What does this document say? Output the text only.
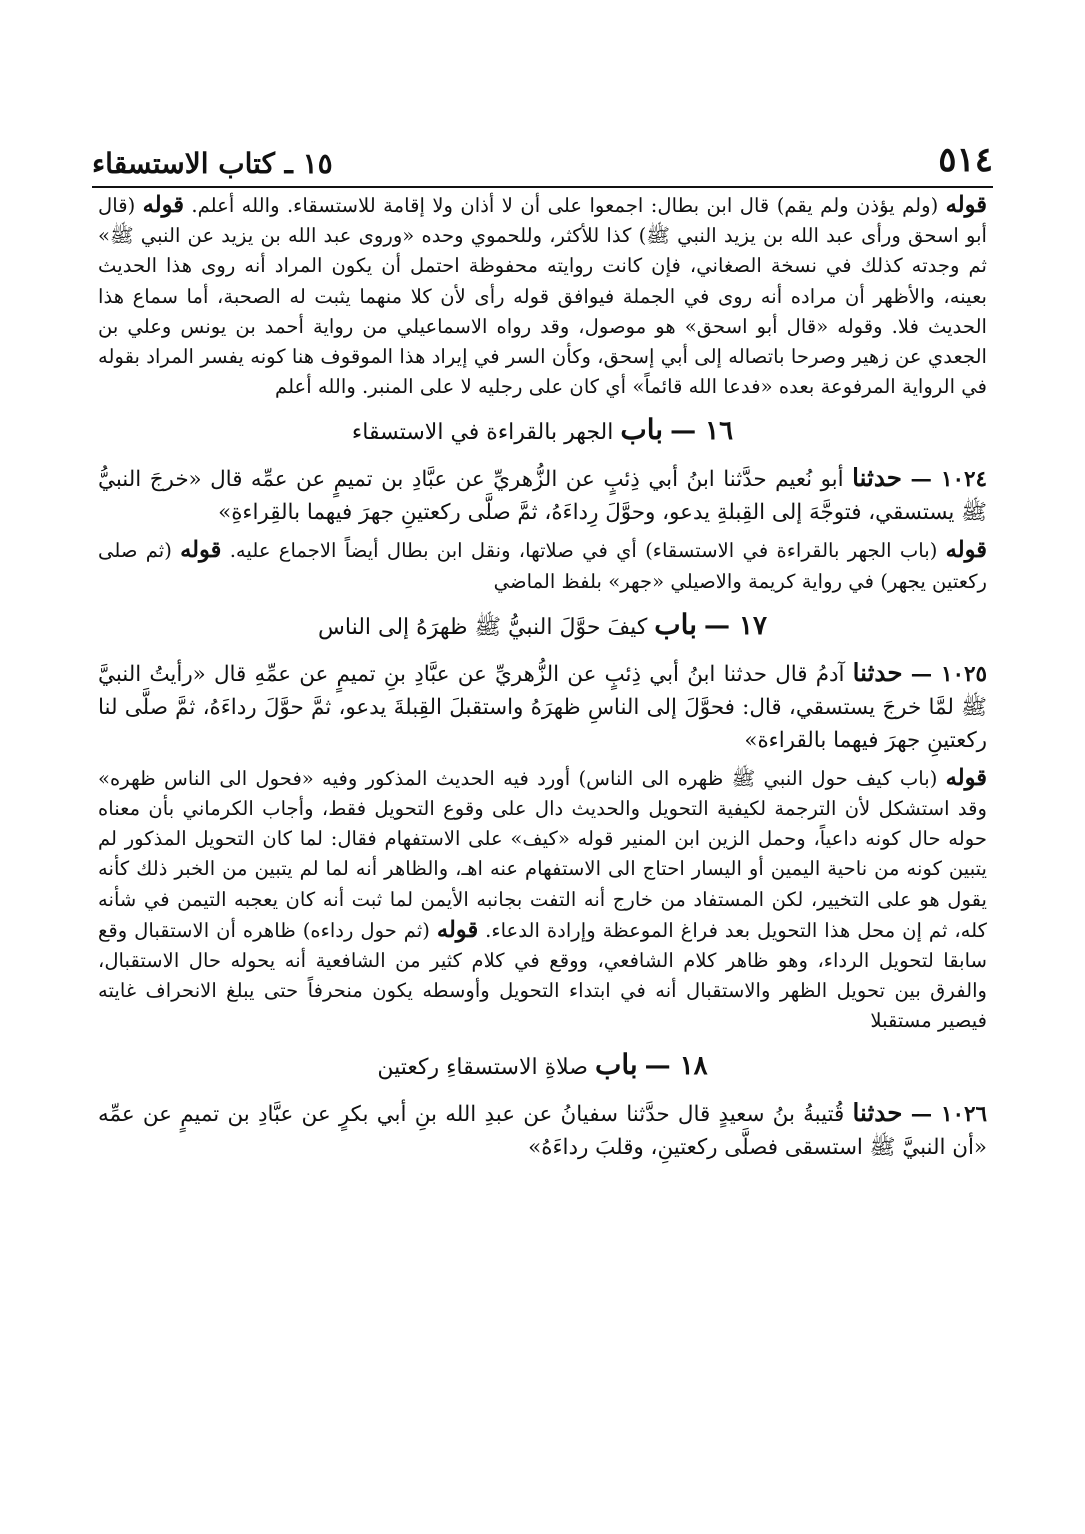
٥١٤
١٥ ـ كتاب الاستسقاء

قوله (ولم يؤذن ولم يقم) قال ابن بطال: اجمعوا على أن لا أذان ولا إقامة للاستسقاء. والله أعلم. قوله (قال أبو اسحق ورأى عبد الله بن يزيد النبي ﷺ) كذا للأكثر، وللحموي وحده «وروى عبد الله بن يزيد عن النبي ﷺ» ثم وجدته كذلك في نسخة الصغاني، فإن كانت روايته محفوظة احتمل أن يكون المراد أنه روى هذا الحديث بعينه، والأظهر أن مراده أنه روى في الجملة فيوافق قوله رأى لأن كلا منهما يثبت له الصحبة، أما سماع هذا الحديث فلا. وقوله «قال أبو اسحق» هو موصول، وقد رواه الاسماعيلي من رواية أحمد بن يونس وعلي بن الجعدي عن زهير وصرحا باتصاله إلى أبي إسحق، وكأن السر في إيراد هذا الموقوف هنا كونه يفسر المراد بقوله في الرواية المرفوعة بعده «فدعا الله قائماً» أي كان على رجليه لا على المنبر. والله أعلم

١٦ — باب الجهر بالقراءة في الاستسقاء

١٠٢٤ — حدثنا أبو نُعيم حدَّثنا ابنُ أبي ذِئبٍ عن الزُّهريِّ عن عبَّادِ بن تميمٍ عن عمِّه قال «خرجَ النبيُّ ﷺ يستسقي، فتوجَّهَ إلى القِبلةِ يدعو، وحوَّلَ رِداءَهُ، ثمَّ صلَّى ركعتينِ جهرَ فيهما بالقِراءةِ»

قوله (باب الجهر بالقراءة في الاستسقاء) أي في صلاتها، ونقل ابن بطال أيضاً الاجماع عليه. قوله (ثم صلى ركعتين يجهر) في رواية كريمة والاصيلي «جهر» بلفظ الماضي

١٧ — باب كيفَ حوَّلَ النبيُّ ﷺ ظهرَهُ إلى الناس

١٠٢٥ — حدثنا آدمُ قال حدثنا ابنُ أبي ذِئبٍ عن الزُّهريِّ عن عبَّادِ بنِ تميمٍ عن عمِّهِ قال «رأيتُ النبيَّ ﷺ لمَّا خرجَ يستسقي، قال: فحوَّلَ إلى الناسِ ظهرَهُ واستقبلَ القِبلةَ يدعو، ثمَّ حوَّلَ رداءَهُ، ثمَّ صلَّى لنا ركعتينِ جهرَ فيهما بالقراءة»

قوله (باب كيف حول النبي ﷺ ظهره الى الناس) أورد فيه الحديث المذكور وفيه «فحول الى الناس ظهره» وقد استشكل لأن الترجمة لكيفية التحويل والحديث دال على وقوع التحويل فقط، وأجاب الكرماني بأن معناه حوله حال كونه داعياً، وحمل الزين ابن المنير قوله «كيف» على الاستفهام فقال: لما كان التحويل المذكور لم يتبين كونه من ناحية اليمين أو اليسار احتاج الى الاستفهام عنه اهـ، والظاهر أنه لما لم يتبين من الخبر ذلك كأنه يقول هو على التخيير، لكن المستفاد من خارج أنه التفت بجانبه الأيمن لما ثبت أنه كان يعجبه التيمن في شأنه كله، ثم إن محل هذا التحويل بعد فراغ الموعظة وإرادة الدعاء. قوله (ثم حول رداءه) ظاهره أن الاستقبال وقع سابقا لتحويل الرداء، وهو ظاهر كلام الشافعي، ووقع في كلام كثير من الشافعية أنه يحوله حال الاستقبال، والفرق بين تحويل الظهر والاستقبال أنه في ابتداء التحويل وأوسطه يكون منحرفاً حتى يبلغ الانحراف غايته فيصير مستقبلا

١٨ — باب صلاةِ الاستسقاءِ ركعتين

١٠٢٦ — حدثنا قُتيبةُ بنُ سعيدٍ قال حدَّثنا سفيانُ عن عبدِ الله بنِ أبي بكرٍ عن عبَّادِ بن تميمٍ عن عمِّه «أن النبيَّ ﷺ استسقى فصلَّى ركعتينِ، وقلبَ رداءَهُ»
